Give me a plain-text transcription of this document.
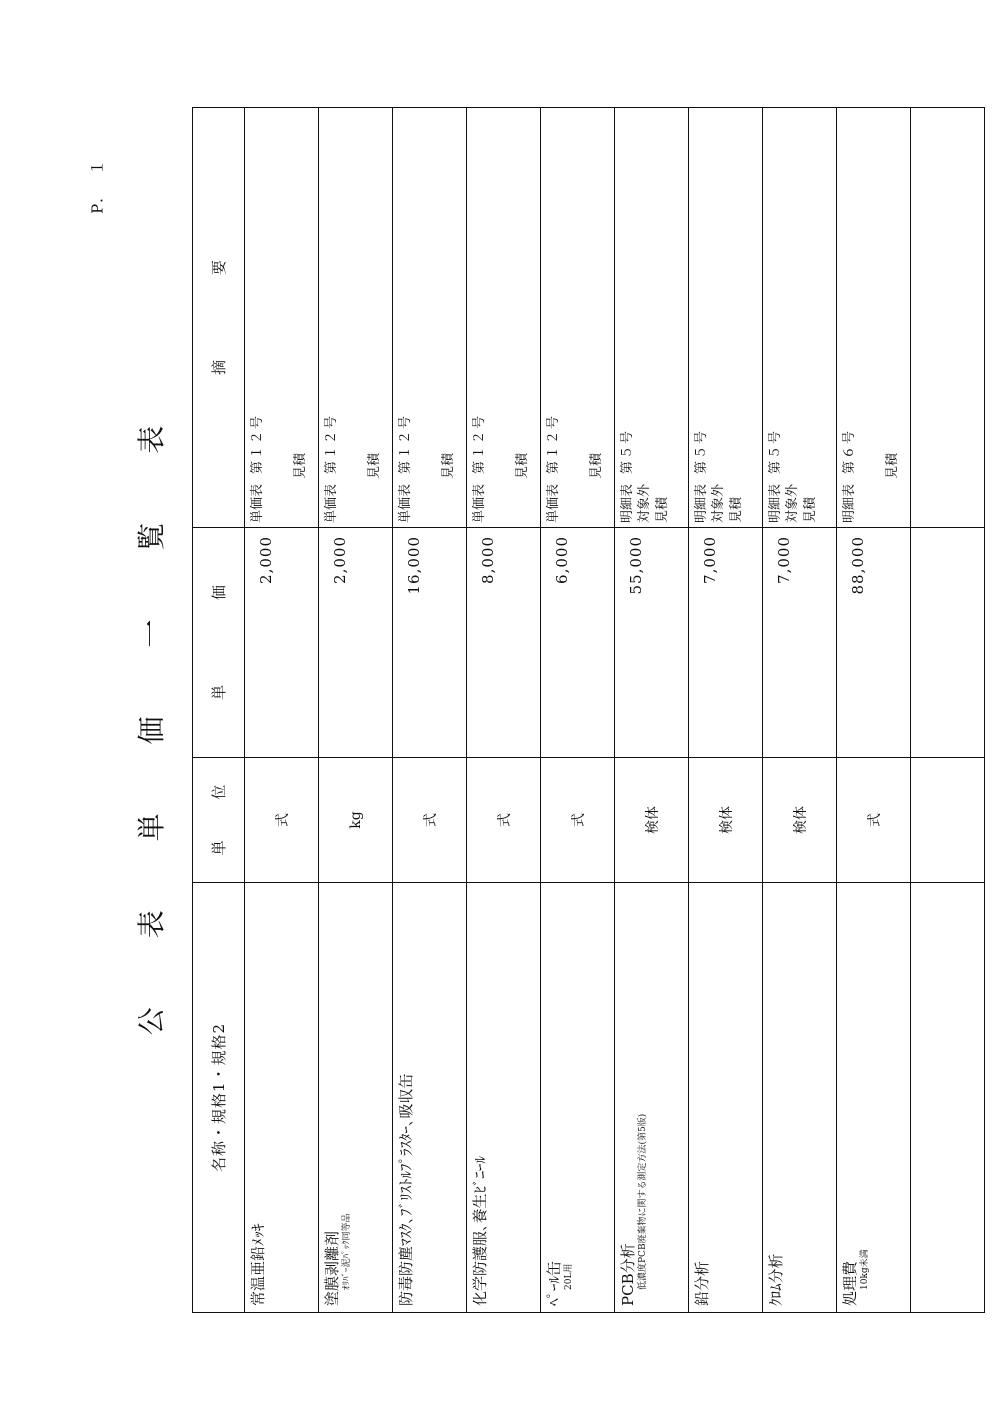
P.　１
公 表 単 価 一 覧 表
名称・規格1・規格2	単 位	単 価	摘 要

常温亜鉛ﾒｯｷ	式	2,000	単価表第１２号 見積

塗膜剥離剤 ｵﾘﾊﾞｰ泥ﾊﾟｯｸ同等品	kg	2,000	単価表第１２号 見積

防毒防塵ﾏｽｸ､ﾌﾞﾘｽﾄﾙﾌﾟﾗｽﾀｰ､吸収缶	式	16,000	単価表第１２号 見積

化学防護服､養生ﾋﾞﾆｰﾙ	式	8,000	単価表第１２号 見積

ﾍﾟｰﾙ缶 20L用	式	6,000	単価表第１２号 見積

PCB分析 低濃度PCB廃棄物に関する測定方法(第5版)	検体	55,000	明細表第５号
対象外 見積

鉛分析	検体	7,000	明細表第５号
対象外 見積

ｸﾛﾑ分析	検体	7,000	明細表第５号
対象外 見積

処理費 10kg未満	式	88,000	明細表第６号 見積
